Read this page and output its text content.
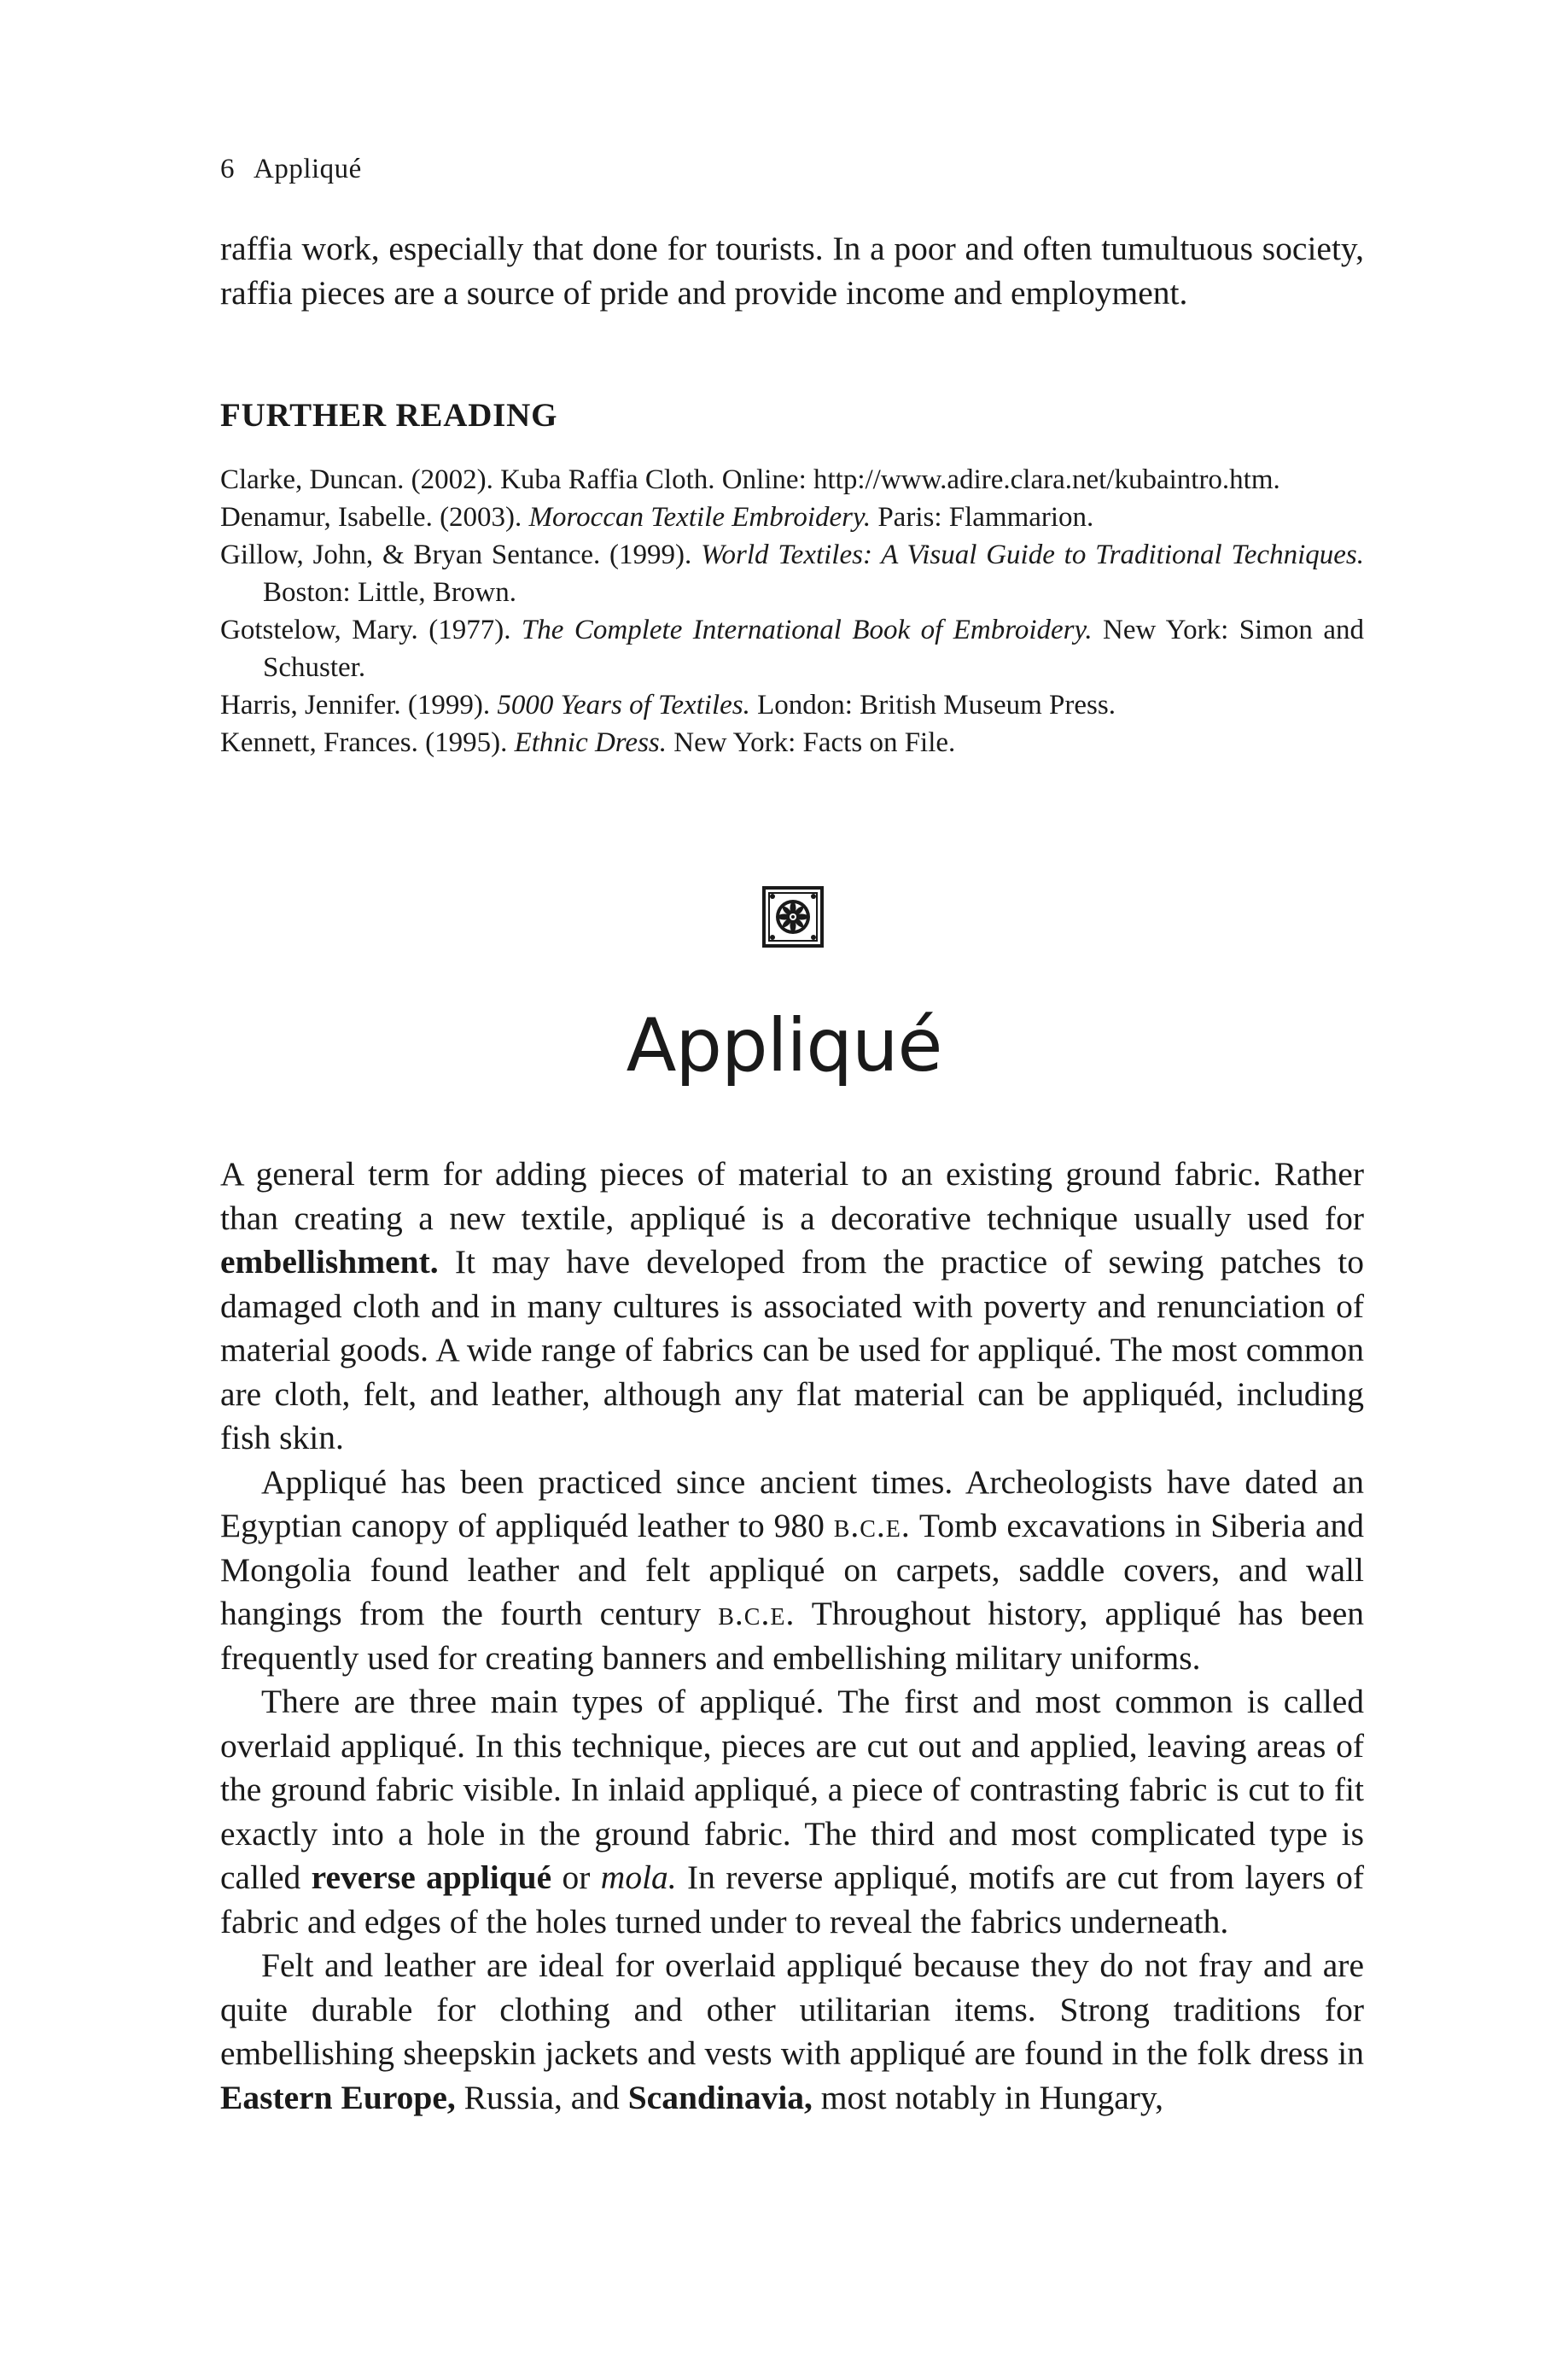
6 Appliqué

raffia work, especially that done for tourists. In a poor and often tumultuous society, raffia pieces are a source of pride and provide income and employment.

FURTHER READING

Clarke, Duncan. (2002). Kuba Raffia Cloth. Online: http://www.adire.clara.net/kubaintro.htm.

Denamur, Isabelle. (2003). Moroccan Textile Embroidery. Paris: Flammarion.

Gillow, John, & Bryan Sentance. (1999). World Textiles: A Visual Guide to Traditional Techniques. Boston: Little, Brown.

Gotstelow, Mary. (1977). The Complete International Book of Embroidery. New York: Simon and Schuster.

Harris, Jennifer. (1999). 5000 Years of Textiles. London: British Museum Press.

Kennett, Frances. (1995). Ethnic Dress. New York: Facts on File.

Appliqué

A general term for adding pieces of material to an existing ground fabric. Rather than creating a new textile, appliqué is a decorative technique usually used for embellishment. It may have developed from the practice of sewing patches to damaged cloth and in many cultures is associated with poverty and renunciation of material goods. A wide range of fabrics can be used for appliqué. The most common are cloth, felt, and leather, although any flat material can be appliquéd, including fish skin.

Appliqué has been practiced since ancient times. Archeologists have dated an Egyptian canopy of appliquéd leather to 980 b.c.e. Tomb excavations in Siberia and Mongolia found leather and felt appliqué on carpets, saddle covers, and wall hangings from the fourth century b.c.e. Throughout history, appliqué has been frequently used for creating banners and embellishing military uniforms.

There are three main types of appliqué. The first and most common is called overlaid appliqué. In this technique, pieces are cut out and applied, leaving areas of the ground fabric visible. In inlaid appliqué, a piece of contrasting fabric is cut to fit exactly into a hole in the ground fabric. The third and most complicated type is called reverse appliqué or mola. In reverse appliqué, motifs are cut from layers of fabric and edges of the holes turned under to reveal the fabrics underneath.

Felt and leather are ideal for overlaid appliqué because they do not fray and are quite durable for clothing and other utilitarian items. Strong traditions for embellishing sheepskin jackets and vests with appliqué are found in the folk dress in Eastern Europe, Russia, and Scandinavia, most notably in Hungary,
